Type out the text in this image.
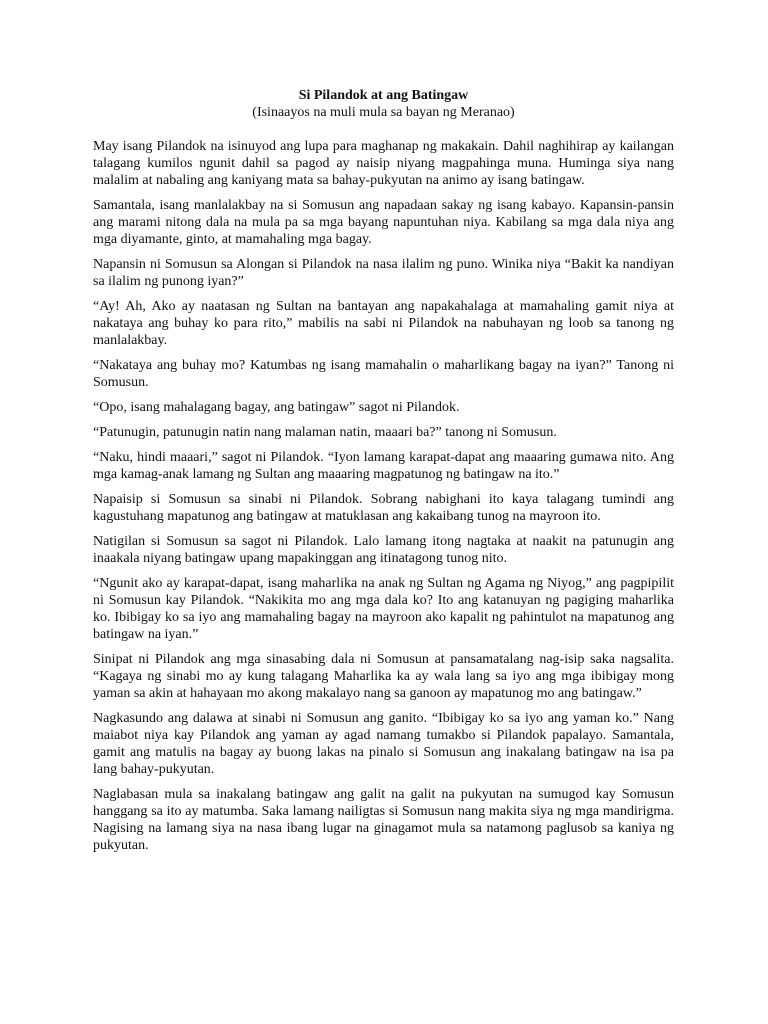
Si Pilandok at ang Batingaw

(Isinaayos na muli mula sa bayan ng Meranao)

May isang Pilandok na isinuyod ang lupa para maghanap ng makakain. Dahil naghihirap ay kailangan talagang kumilos ngunit dahil sa pagod ay naisip niyang magpahinga muna. Huminga siya nang malalim at nabaling ang kaniyang mata sa bahay-pukyutan na animo ay isang batingaw.

Samantala, isang manlalakbay na si Somusun ang napadaan sakay ng isang kabayo. Kapansin-pansin ang marami nitong dala na mula pa sa mga bayang napuntuhan niya. Kabilang sa mga dala niya ang mga diyamante, ginto, at mamahaling mga bagay.

Napansin ni Somusun sa Alongan si Pilandok na nasa ilalim ng puno. Winika niya “Bakit ka nandiyan sa ilalim ng punong iyan?”

“Ay! Ah, Ako ay naatasan ng Sultan na bantayan ang napakahalaga at mamahaling gamit niya at nakataya ang buhay ko para rito,” mabilis na sabi ni Pilandok na nabuhayan ng loob sa tanong ng manlalakbay.

“Nakataya ang buhay mo? Katumbas ng isang mamahalin o maharlikang bagay na iyan?” Tanong ni Somusun.

“Opo, isang mahalagang bagay, ang batingaw” sagot ni Pilandok.

“Patunugin, patunugin natin nang malaman natin, maaari ba?” tanong ni Somusun.

“Naku, hindi maaari,” sagot ni Pilandok. “Iyon lamang karapat-dapat ang maaaring gumawa nito. Ang mga kamag-anak lamang ng Sultan ang maaaring magpatunog ng batingaw na ito.”

Napaisip si Somusun sa sinabi ni Pilandok. Sobrang nabighani ito kaya talagang tumindi ang kagustuhang mapatunog ang batingaw at matuklasan ang kakaibang tunog na mayroon ito.

Natigilan si Somusun sa sagot ni Pilandok. Lalo lamang itong nagtaka at naakit na patunugin ang inaakala niyang batingaw upang mapakinggan ang itinatagong tunog nito.

“Ngunit ako ay karapat-dapat, isang maharlika na anak ng Sultan ng Agama ng Niyog,” ang pagpipilit ni Somusun kay Pilandok. “Nakikita mo ang mga dala ko? Ito ang katanuyan ng pagiging maharlika ko. Ibibigay ko sa iyo ang mamahaling bagay na mayroon ako kapalit ng pahintulot na mapatunog ang batingaw na iyan.”

Sinipat ni Pilandok ang mga sinasabing dala ni Somusun at pansamatalang nag-isip saka nagsalita. “Kagaya ng sinabi mo ay kung talagang Maharlika ka ay wala lang sa iyo ang mga ibibigay mong yaman sa akin at hahayaan mo akong makalayo nang sa ganoon ay mapatunog mo ang batingaw.”

Nagkasundo ang dalawa at sinabi ni Somusun ang ganito. “Ibibigay ko sa iyo ang yaman ko.” Nang maiabot niya kay Pilandok ang yaman ay agad namang tumakbo si Pilandok papalayo. Samantala, gamit ang matulis na bagay ay buong lakas na pinalo si Somusun ang inakalang batingaw na isa pa lang bahay-pukyutan.

Naglabasan mula sa inakalang batingaw ang galit na galit na pukyutan na sumugod kay Somusun hanggang sa ito ay matumba. Saka lamang nailigtas si Somusun nang makita siya ng mga mandirigma. Nagising na lamang siya na nasa ibang lugar na ginagamot mula sa natamong paglusob sa kaniya ng pukyutan.
